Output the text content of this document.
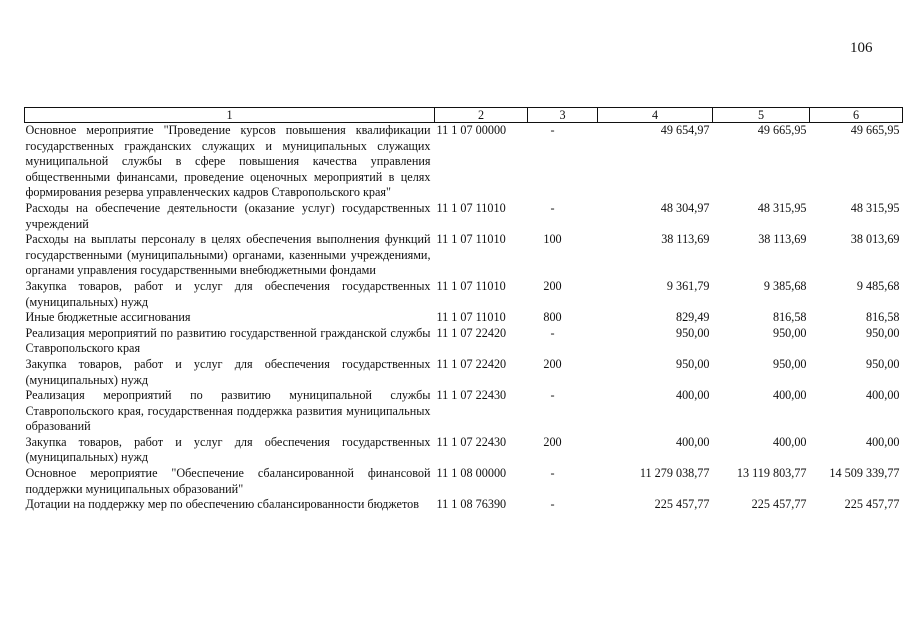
106
1	2	3	4	5	6
Основное мероприятие "Проведение курсов повышения квалификации государственных гражданских служащих и муниципальных служащих муниципальной службы в сфере повышения качества управления общественными финансами, проведение оценочных мероприятий в целях формирования резерва управленческих кадров Ставропольского края"	11 1 07 00000	-	49 654,97	49 665,95	49 665,95
Расходы на обеспечение деятельности (оказание услуг) государственных учреждений	11 1 07 11010	-	48 304,97	48 315,95	48 315,95
Расходы на выплаты персоналу в целях обеспечения выполнения функций государственными (муниципальными) органами, казенными учреждениями, органами управления государственными внебюджетными фондами	11 1 07 11010	100	38 113,69	38 113,69	38 013,69
Закупка товаров, работ и услуг для обеспечения государственных (муниципальных) нужд	11 1 07 11010	200	9 361,79	9 385,68	9 485,68
Иные бюджетные ассигнования	11 1 07 11010	800	829,49	816,58	816,58
Реализация мероприятий по развитию государственной гражданской службы Ставропольского края	11 1 07 22420	-	950,00	950,00	950,00
Закупка товаров, работ и услуг для обеспечения государственных (муниципальных) нужд	11 1 07 22420	200	950,00	950,00	950,00
Реализация мероприятий по развитию муниципальной службы Ставропольского края, государственная поддержка развития муниципальных образований	11 1 07 22430	-	400,00	400,00	400,00
Закупка товаров, работ и услуг для обеспечения государственных (муниципальных) нужд	11 1 07 22430	200	400,00	400,00	400,00
Основное мероприятие "Обеспечение сбалансированной финансовой поддержки муниципальных образований"	11 1 08 00000	-	11 279 038,77	13 119 803,77	14 509 339,77
Дотации на поддержку мер по обеспечению сбалансированности бюджетов	11 1 08 76390	-	225 457,77	225 457,77	225 457,77
